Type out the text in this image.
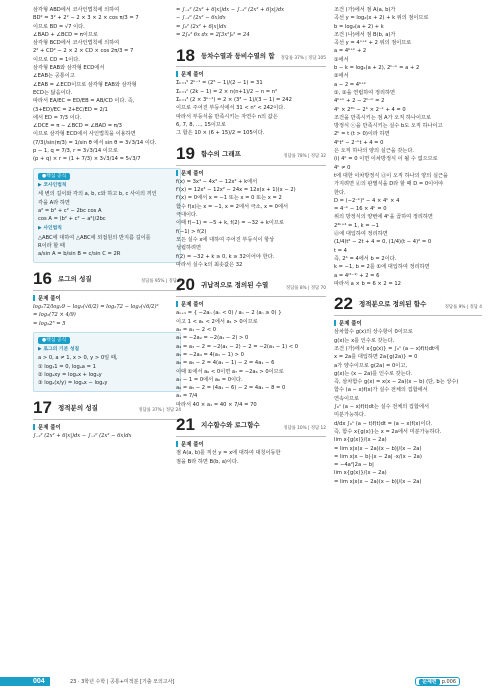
삼각형 ABD에서 코사인법칙에 의하여
BD² = 3² + 2² − 2 × 3 × 2 × cos π/3 = 7
이므로 BD = √7 이다.
∠BAD + ∠BCD = π이므로
삼각형 BCD에서 코사인법칙에 의하여
2² + CD² − 2 × 2 × CD × cos 2π/3 = 7
이므로 CD = 1이다.
삼각형 EAB와 삼각형 ECD에서
∠EAB는 공통이고
∠EAB = ∠ECD이므로 삼각형 EAB와 삼각형
ECD는 닮음이다.
따라서 EA/EC = ED/EB = AB/CD 이다. 즉,
(3+ED)/EC = 2+EC/ED = 2/1
에서 ED = 7/3 이다.
∠DCE = π − ∠BCD = ∠BAD = π/3
이므로 삼각형 ECD에서 사인법칙을 이용하면
(7/3)/sin(π/3) = 1/sin θ 에서 sin θ = 3√3/14 이다.
p − 1, q = 7/3, r = 3√3/14 이므로
(p + q) × r = (1 + 7/3) × 3√3/14 = 5√3/7
●핵심 공식
▶ 코사인법칙
세 변의 길이와 각의 a, b, c와 하고 b, c 사이의 끼인
각을 A라 하면
a² = b² + c² − 2bc cos A
cos A = (b² + c² − a²)/2bc
▶ 사인법칙
△ABC에 대하여 △ABC에 외접원의 반지름 길이를
R이라 할 때
a/sin A = b/sin B = c/sin C = 2R
16 로그의 성질	정답률 95% | 정답 5
문제 풀이
log₂72/log₂9 − log₂(√6/2) = log₂72 − log₂(√6/2)²
= log₂(72 × 4/9)
= log₂2⁵ = 5
●핵심 공식
▶ 로그의 기본 성질
a > 0, a ≠ 1, x > 0, y > 0일 때,
① log₁1 = 0, logₐa = 1
② logₐxy = logₐx + logₐy
③ logₐ(x/y) = logₐx − logₐy
17 정적분의 성질	정답률 37% | 정답 24
문제 풀이
∫₋₂² (2x² + 6|x|)dx − ∫₋₂⁰ (2x² − 6x)dx
= ∫₋₂² (2x² + 6|x|)dx − ∫₋₂⁰ (2x² + 6|x|)dx
− ∫₋₂⁰ (2x² − 6x)dx
= ∫₀² (2x² + 6|x|)dx
= 2∫₀² 6x dx = 2[3x²]₀² = 24
18 등차수열과 등비수열의 합 정답률 37% | 정답 105
문제 풀이
Σₖ₌₁⁵ 2ᵏ⁻¹ = (2⁵ − 1)/(2 − 1) = 31
Σₖ₌₁ⁿ (2k − 1) = 2 × n(n+1)/2 − n = n²
Σₖ₌₁³ (2 × 3ᵏ⁻¹) = 2 × (3³ − 1)/(3 − 1) = 242
이므로 주어진 부등식에서 31 < n² < 242이다.
따라서 부등식을 만족시키는 자연수 n의 값은
6, 7, 8, …, 15이므로
그 합은 10 × (6 + 15)/2 = 105이다.
19 함수의 그래프	정답률 78% | 정답 32
문제 풀이
f(x) = 3x⁴ − 4x³ − 12x² + k에서
f′(x) = 12x³ − 12x² − 24x = 12x(x + 1)(x − 2)
f′(x) = 0에서 x = −1 또는 x = 0 또는 x = 2
함수 f(x)는 x = −1, x = 2에서 극소, x = 0에서
극대이다.
이때 f(−1) = −5 + k, f(2) = −32 + k이므로
f(−1) > f(2)
모든 실수 x에 대하여 주어진 부등식이 항상
성립하려면
f(2) = −32 + k ≥ 0, k ≥ 32이어야 한다.
따라서 실수 k의 최솟값은 32
20 귀납적으로 정의된 수열	정답률 8% | 정답 70
문제 풀이
aₙ₊₁ = { −2aₙ (aₙ < 0) / aₙ − 2 (aₙ ≥ 0) }
이고 1 < a₁ < 2에서 a₁ > 0이므로
a₂ = a₁ − 2 < 0
a₃ = −2a₂ = −2(a₁ − 2) > 0
a₄ = a₃ − 2 = −2(a₁ − 2) − 2 = −2(a₁ − 1) < 0
a₅ = −2a₄ = 4(a₁ − 1) > 0
a₆ = a₅ − 2 = 4(a₁ − 1) − 2 = 4a₁ − 6
이때 ①에서 a₆ < 0이면 a₇ = −2a₆ > 0이므로
a₇ − 1 = 0에서 a₆ = 0이다.
a₆ = a₅ − 2 = (4a₁ − 6) − 2 = 4a₁ − 8 = 0
a₁ = 7/4
따라서 40 × a₁ = 40 × 7/4 = 70
21 지수함수와 로그함수	정답률 10% | 정답 12
문제 풀이
점 A(a, b)를 직선 y = x에 대하여 대칭이동한
점을 B라 하면 B(b, a)이다.
조건 (가)에서 점 A(a, b)가
곡선 y = log₂(x + 2) + k 위의 점이므로
b = log₂(a + 2) + k
조건 (나)에서 점 B(b, a)가
곡선 y = 4ˣ⁺ᵏ + 2 위의 점이므로
a = 4ᵇ⁺ᵏ + 2
①에서
b − k = log₂(a + 2), 2ᵇ⁻ᵏ = a + 2
②에서
a − 2 = 4ᵇ⁺ᵏ
①, ②을 연립하여 정리하면
4ᵇ⁺ᵏ + 2 − 2ᵇ⁻ᵏ = 2
4ᵏ × 2²ᵇ − 2ᵇ × 2⁻ᵏ + 4 = 0
조건을 만족시키는 점 A가 오직 하나이므로
방정식 ⓒ을 만족시키는 실수 b도 오직 하나이고
2ᵇ = t (t > 0)이라 하면
4ᵏt² − 2⁻ᵏt + 4 = 0
은 오직 하나의 양의 실근을 갖는다.
(i) 4ᵏ = 0 이면 이차방정식 이 될 수 없으므로
4ᵏ ≠ 0
t에 대한 이차방정식 ⓓ이 오직 하나의 양의 실근을
가지려면 ⓓ의 판별식을 D라 할 때 D = 0이어야
한다.
D = (−2⁻ᵏ)² − 4 × 4ᵏ × 4
= 4⁻ᵏ − 16 × 4ᵏ = 0
위의 방정식의 양변에 4ᵏ을 곱하여 정리하면
2⁴ᵏ⁺⁴ = 1, k = −1
ⓓ에 대입하여 정리하면
(1/4)t² − 2t + 4 = 0, (1/4)(t − 4)² = 0
t = 4
즉, 2ᵇ = 4에서 b = 2이다.
k = −1, b = 2를 ①에 대입하여 정리하면
a = 4⁽²⁻¹⁾ + 2 = 6
따라서 a × b = 6 × 2 = 12
22 정적분으로 정의된 함수	정답률 9% | 정답 4
문제 풀이
삼차함수 g(x)의 상수항이 0이므로
g(x)는 x를 인수로 갖는다.
조건 (가)에서 x{g(x)} = ∫₀ˣ (a − x)f(t)dt에
x = 2a를 대입하면 2a{g(2a)} = 0
a가 양수이므로 g(2a) = 0이고,
g(x)는 (x − 2a)를 인수로 갖는다.
즉, 삼차함수 g(x) = x(x − 2a)(x − b) (단, b는 상수)
함수 (a − x)f(x)가 실수 전체의 집합에서
연속이므로
∫₀ˣ (a − x)f(t)dt는 실수 전체의 집합에서
미분가능하다.
d/dx ∫₀ˣ (a − t)f(t)dt = (a − x)f(x)이다.
즉, 함수 x{g(x)}는 x = 2a에서 미분가능하다.
lim x{g(x)}/(x − 2a)
= lim x|x(x − 2a)(x − b)|/(x − 2a)
= lim x|x − b|·|x − 2a| ·x/(x − 2a)
= −4a²|2a − b|
lim x{g(x)}/(x − 2a)
= lim x|x(x − 2a)(x − b)|/(x − 2a)
004	23 · 3학년 수학 | 공통+미적분 [기출 모의고사]	문제편 p.006
